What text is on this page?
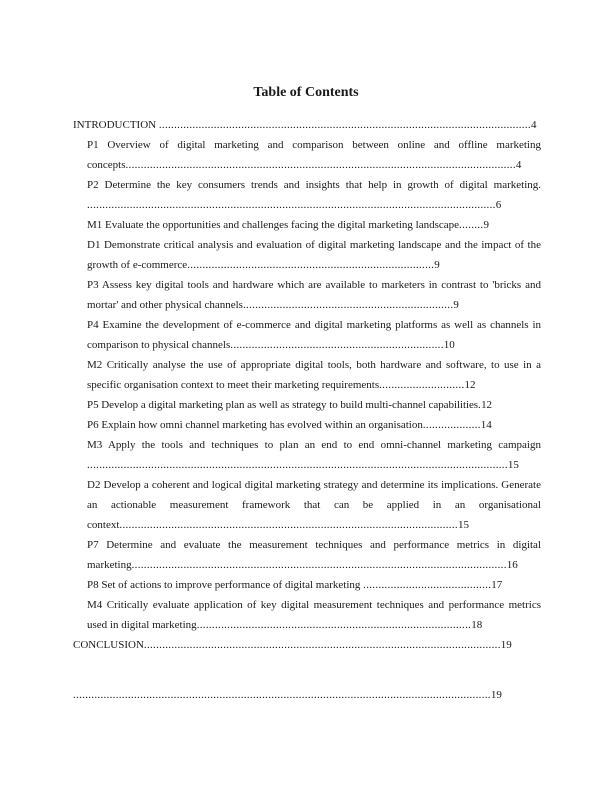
Table of Contents
INTRODUCTION ..........................................................................................................................4
P1 Overview of digital marketing and comparison between online and offline marketing concepts................................................................................................................................4
P2 Determine the key consumers trends and insights that help in growth of digital marketing. ......................................................................................................................................6
M1 Evaluate the opportunities and challenges facing the digital marketing landscape........9
D1 Demonstrate critical analysis and evaluation of digital marketing landscape and the impact of the growth of e-commerce.................................................................................9
P3 Assess key digital tools and hardware which are available to marketers in contrast to 'bricks and mortar' and other physical channels.....................................................................9
P4 Examine the development of e-commerce and digital marketing platforms as well as channels in comparison to physical channels......................................................................10
M2 Critically analyse the use of appropriate digital tools, both hardware and software, to use in a specific organisation context to meet their marketing requirements............................12
P5 Develop a digital marketing plan as well as strategy to build multi-channel capabilities.12
P6 Explain how omni channel marketing has evolved within an organisation...................14
M3 Apply the tools and techniques to plan an end to end omni-channel marketing campaign ..........................................................................................................................................15
D2 Develop a coherent and logical digital marketing strategy and determine its implications. Generate an actionable measurement framework that can be applied in an organisational context...............................................................................................................15
P7 Determine and evaluate the measurement techniques and performance metrics in digital marketing...........................................................................................................................16
P8 Set of actions to improve performance of digital marketing ..........................................17
M4 Critically evaluate application of key digital measurement techniques and performance metrics used in digital marketing..........................................................................................18
CONCLUSION.....................................................................................................................19
.........................................................................................................................................19
